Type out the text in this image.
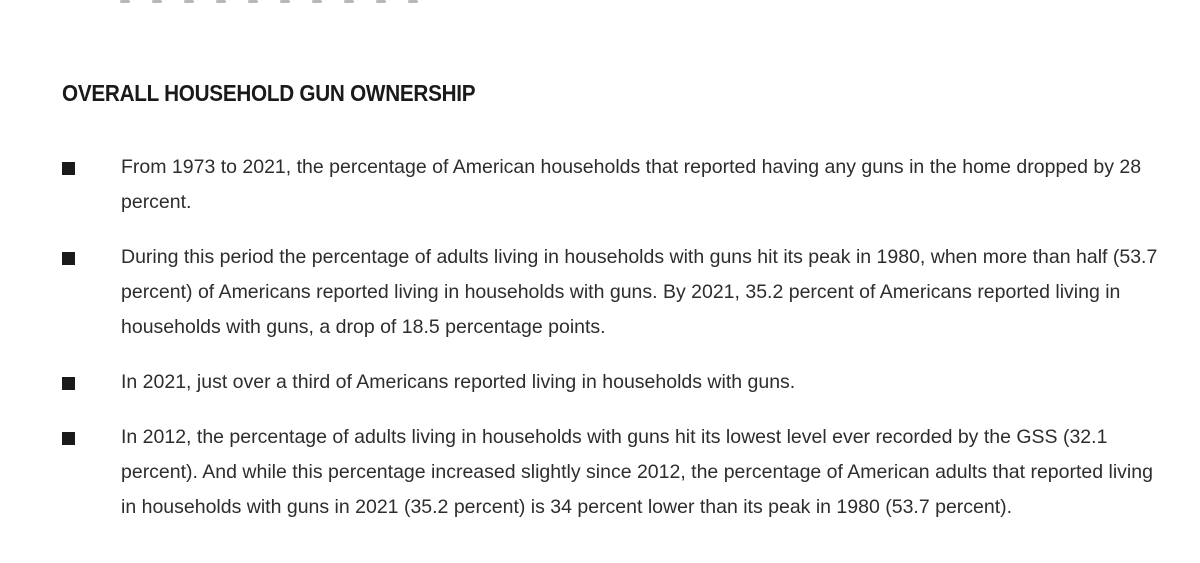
OVERALL HOUSEHOLD GUN OWNERSHIP
From 1973 to 2021, the percentage of American households that reported having any guns in the home dropped by 28 percent.
During this period the percentage of adults living in households with guns hit its peak in 1980, when more than half (53.7 percent) of Americans reported living in households with guns. By 2021, 35.2 percent of Americans reported living in households with guns, a drop of 18.5 percentage points.
In 2021, just over a third of Americans reported living in households with guns.
In 2012, the percentage of adults living in households with guns hit its lowest level ever recorded by the GSS (32.1 percent). And while this percentage increased slightly since 2012, the percentage of American adults that reported living in households with guns in 2021 (35.2 percent) is 34 percent lower than its peak in 1980 (53.7 percent).
